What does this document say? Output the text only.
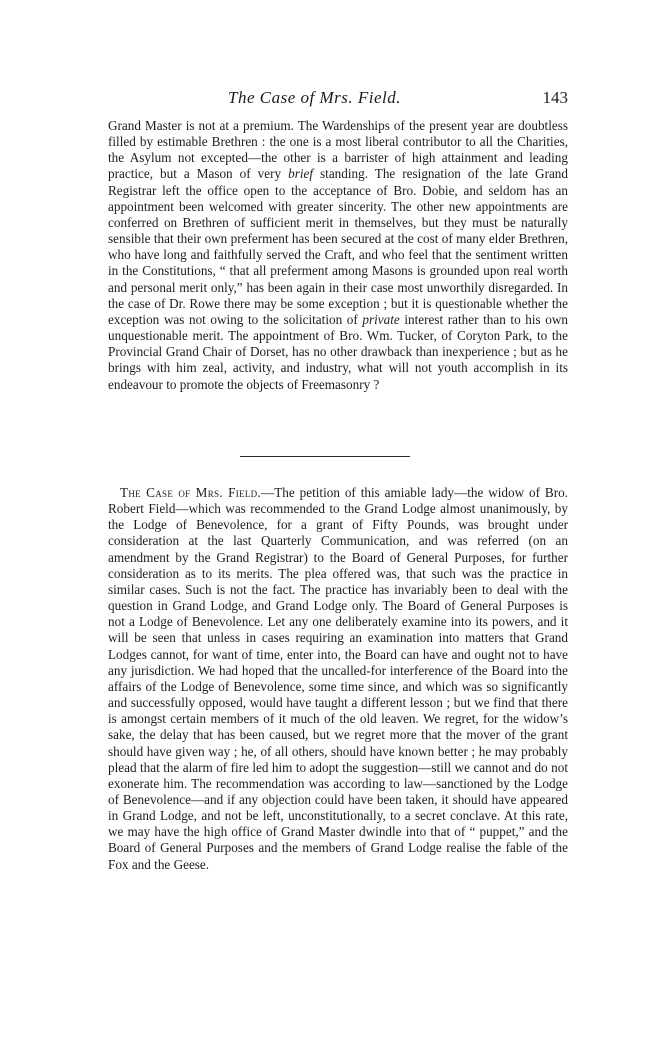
The Case of Mrs. Field.	143

Grand Master is not at a premium. The Wardenships of the present year are doubtless filled by estimable Brethren : the one is a most liberal contributor to all the Charities, the Asylum not excepted—the other is a barrister of high attainment and leading practice, but a Mason of very brief standing. The resignation of the late Grand Registrar left the office open to the acceptance of Bro. Dobie, and seldom has an appointment been welcomed with greater sincerity. The other new appointments are conferred on Brethren of sufficient merit in themselves, but they must be naturally sensible that their own preferment has been secured at the cost of many elder Brethren, who have long and faithfully served the Craft, and who feel that the sentiment written in the Constitutions, “ that all preferment among Masons is grounded upon real worth and personal merit only,” has been again in their case most unworthily disregarded. In the case of Dr. Rowe there may be some exception ; but it is questionable whether the exception was not owing to the solicitation of private interest rather than to his own unquestionable merit. The appointment of Bro. Wm. Tucker, of Coryton Park, to the Provincial Grand Chair of Dorset, has no other drawback than inexperience ; but as he brings with him zeal, activity, and industry, what will not youth accomplish in its endeavour to promote the objects of Freemasonry ?

The Case of Mrs. Field.—The petition of this amiable lady—the widow of Bro. Robert Field—which was recommended to the Grand Lodge almost unanimously, by the Lodge of Benevolence, for a grant of Fifty Pounds, was brought under consideration at the last Quarterly Communication, and was referred (on an amendment by the Grand Registrar) to the Board of General Purposes, for further consideration as to its merits. The plea offered was, that such was the practice in similar cases. Such is not the fact. The practice has invariably been to deal with the question in Grand Lodge, and Grand Lodge only. The Board of General Purposes is not a Lodge of Benevolence. Let any one deliberately examine into its powers, and it will be seen that unless in cases requiring an examination into matters that Grand Lodges cannot, for want of time, enter into, the Board can have and ought not to have any jurisdiction. We had hoped that the uncalled-for interference of the Board into the affairs of the Lodge of Benevolence, some time since, and which was so significantly and successfully opposed, would have taught a different lesson ; but we find that there is amongst certain members of it much of the old leaven. We regret, for the widow’s sake, the delay that has been caused, but we regret more that the mover of the grant should have given way ; he, of all others, should have known better ; he may probably plead that the alarm of fire led him to adopt the suggestion—still we cannot and do not exonerate him. The recommendation was according to law—sanctioned by the Lodge of Benevolence—and if any objection could have been taken, it should have appeared in Grand Lodge, and not be left, unconstitutionally, to a secret conclave. At this rate, we may have the high office of Grand Master dwindle into that of “ puppet,” and the Board of General Purposes and the members of Grand Lodge realise the fable of the Fox and the Geese.
